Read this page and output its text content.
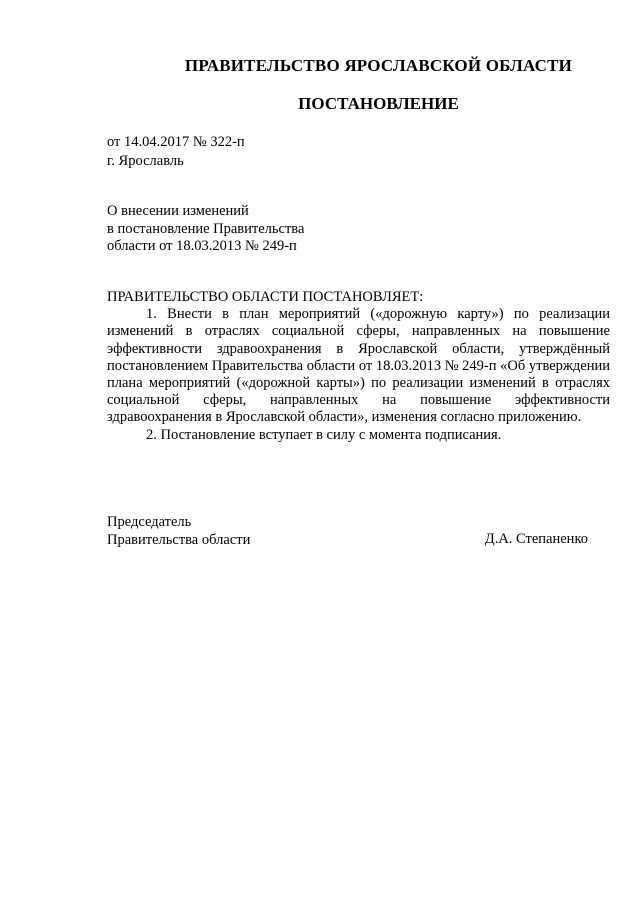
ПРАВИТЕЛЬСТВО ЯРОСЛАВСКОЙ ОБЛАСТИ
ПОСТАНОВЛЕНИЕ
от 14.04.2017 № 322-п
г. Ярославль
О внесении изменений
в постановление Правительства
области от 18.03.2013 № 249-п
ПРАВИТЕЛЬСТВО ОБЛАСТИ ПОСТАНОВЛЯЕТ:

1. Внести в план мероприятий («дорожную карту») по реализации изменений в отраслях социальной сферы, направленных на повышение эффективности здравоохранения в Ярославской области, утверждённый постановлением Правительства области от 18.03.2013 № 249-п «Об утверждении плана мероприятий («дорожной карты») по реализации изменений в отраслях социальной сферы, направленных на повышение эффективности здравоохранения в Ярославской области», изменения согласно приложению.

2. Постановление вступает в силу с момента подписания.

Председатель
Правительства области	Д.А. Степаненко
